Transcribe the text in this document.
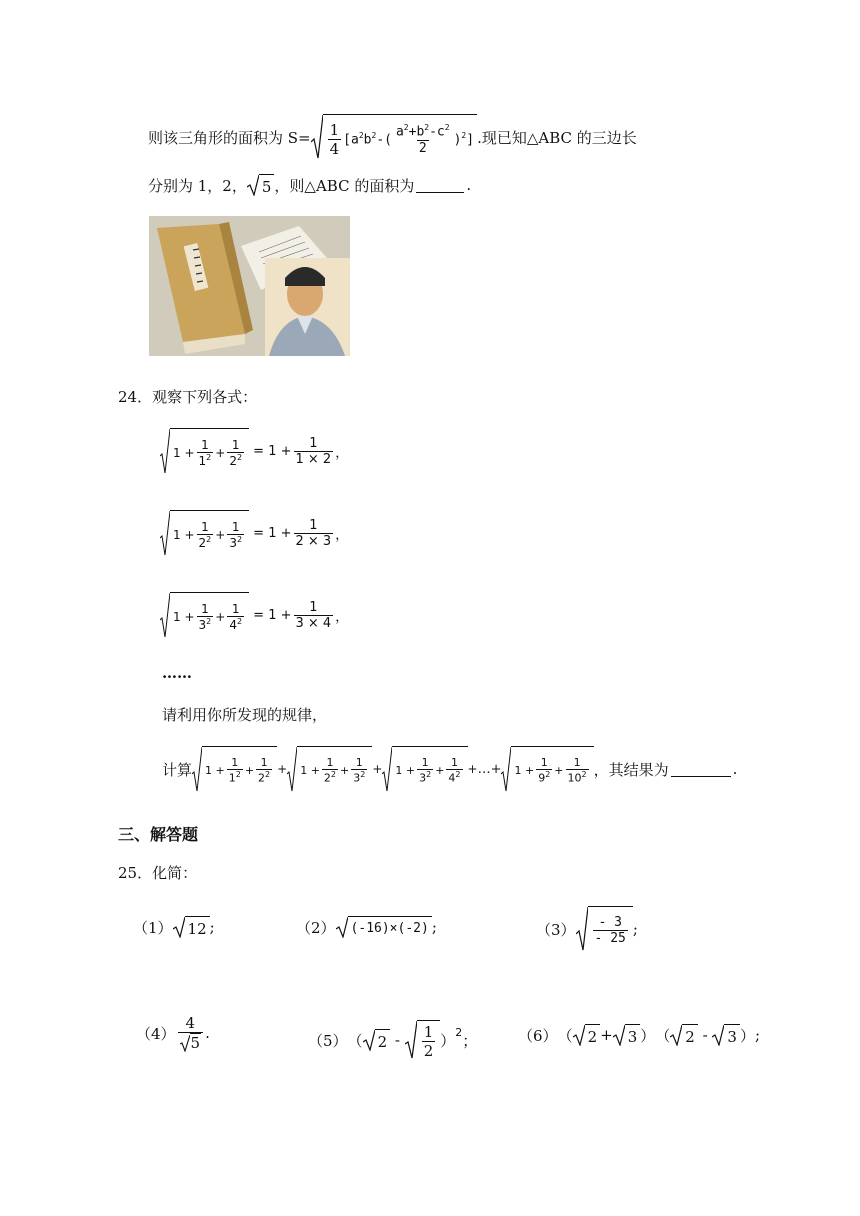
则该三角形的面积为 $S= \frac{1}{4} [a^2b^2-( \frac{a^2+b^2-c^2}{2} )^2]$ .现已知△ABC 的三边长
分别为 1，2， 5 ，则△ABC 的面积为	.
24．观察下列各式：
……
请利用你所发现的规律，
计算 $1 + \frac{1}{1^2} + \frac{1}{2^2} + 1 + \frac{1}{2^2} + \frac{1}{3^2} + 1 + \frac{1}{3^2} + \frac{1}{4^2}$ + …+ $1 + \frac{1}{9^2} + \frac{1}{10^2}$ ，其结果为	.
三、解答题
25．化简：
（1） 12 ;	（2） (-16)×(-2) ;	$(3) \frac{- 3}{- 25}$ ;
$(4) \frac{4}{5}$ .	（5） （ $2 - \frac{1}{2}$ ） 2 ；	（6） （ 2 + 3 ） （ 2 - 3 ） ;
$1 + \frac{1}{1^2} + \frac{1}{2^2} = 1 + \frac{1}{1 \times 2}$ ，
$1 + \frac{1}{2^2} + \frac{1}{3^2} = 1 + \frac{1}{2 \times 3}$ ，
$1 + \frac{1}{3^2} + \frac{1}{4^2} = 1 + \frac{1}{3 \times 4}$ ，
